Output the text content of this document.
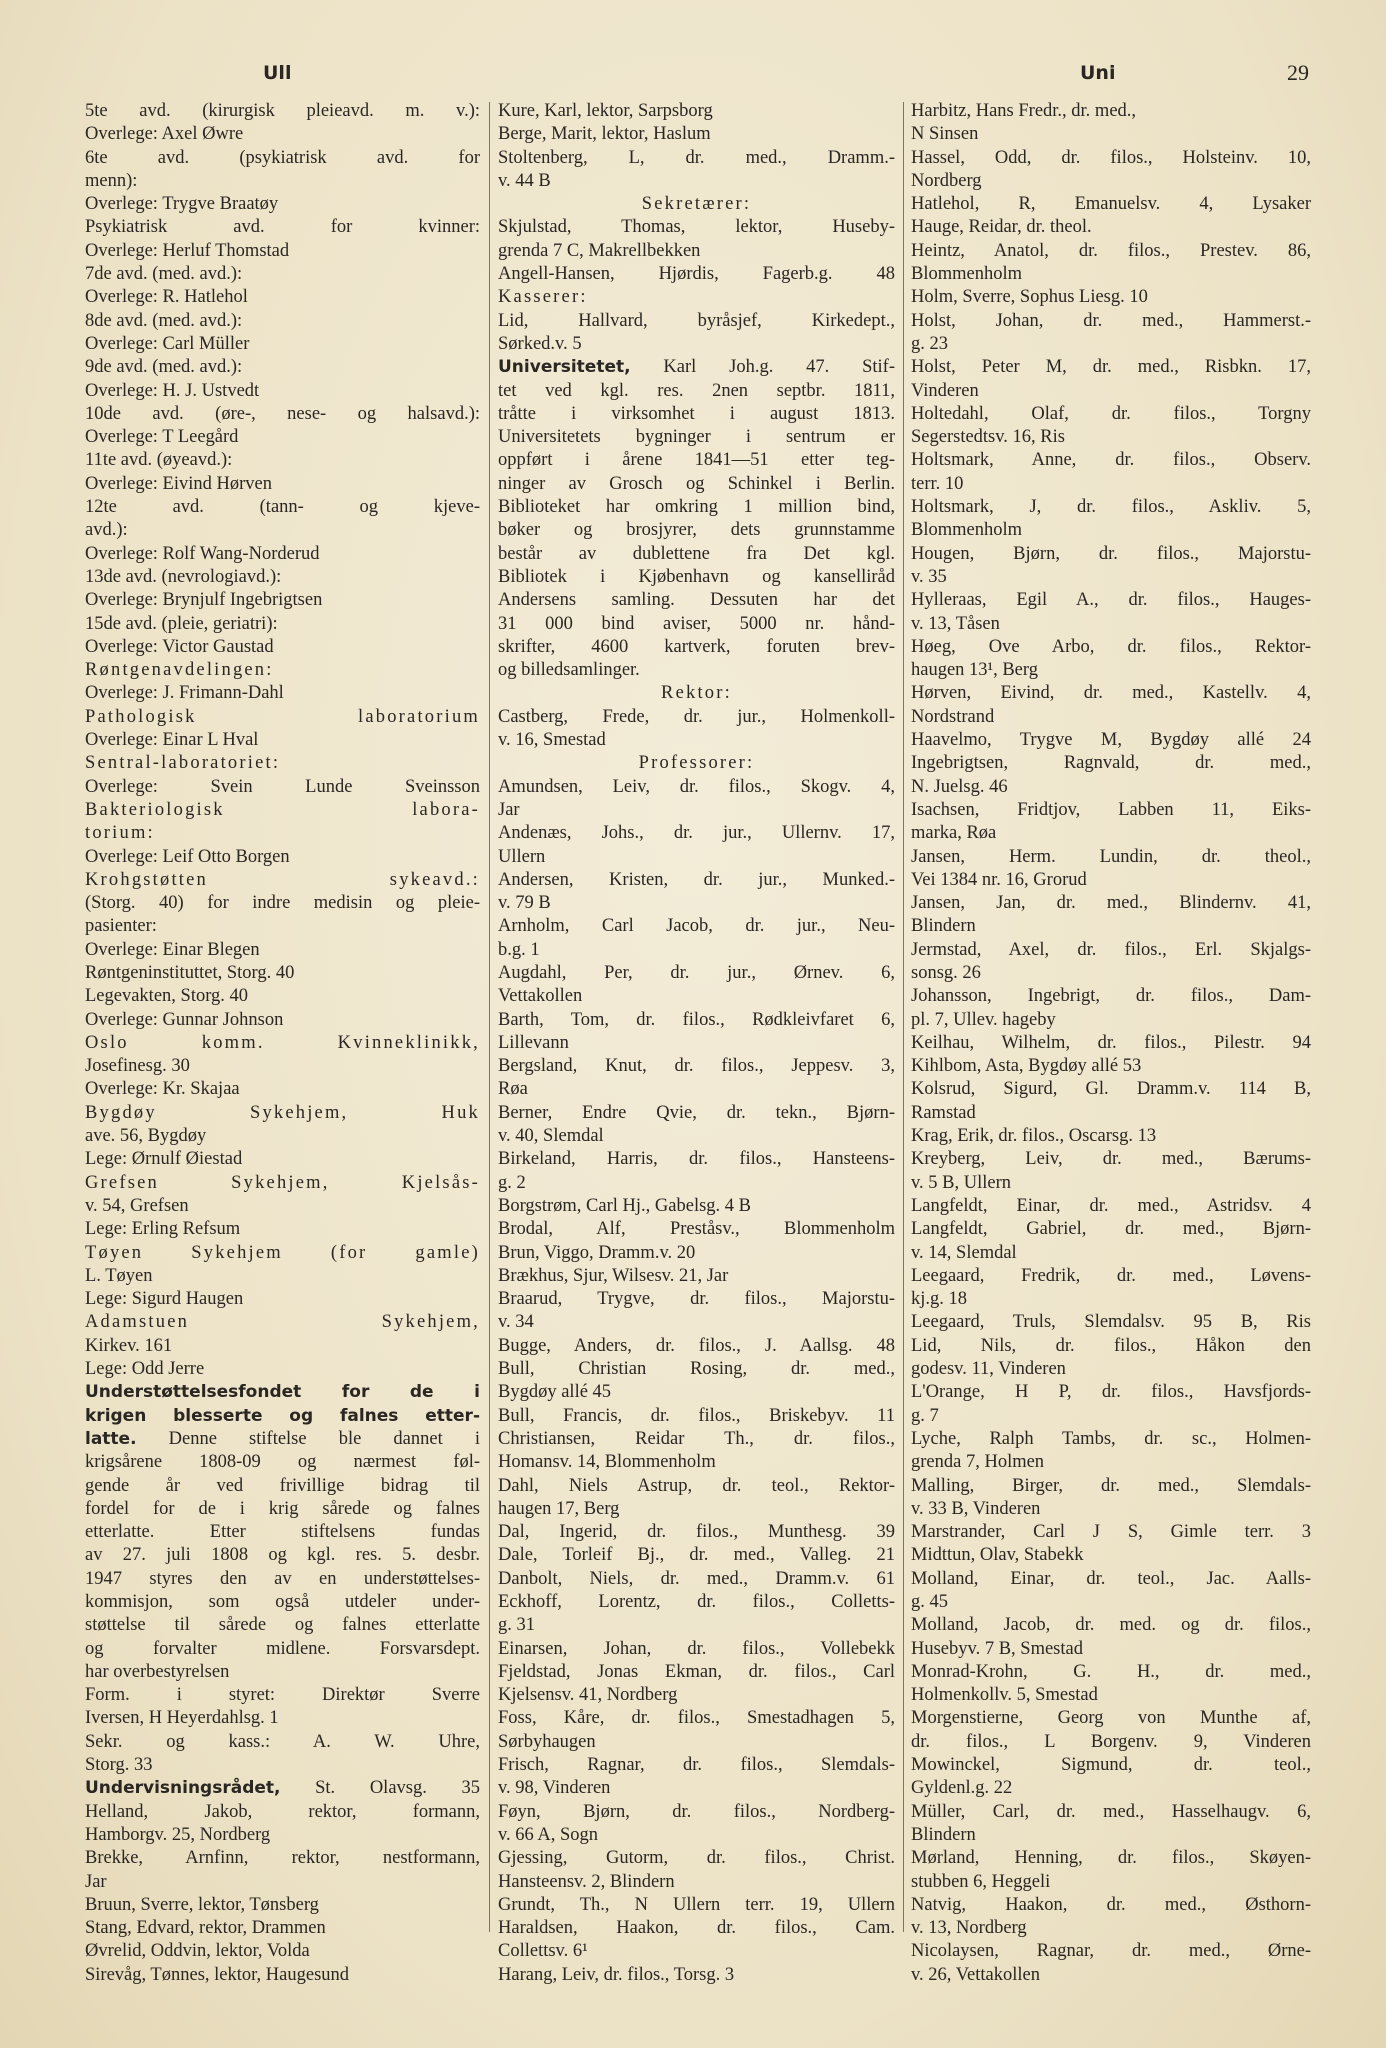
Ull	Uni	29
5te avd. (kirurgisk pleieavd. m. v.):
Overlege: Axel Øwre
6te avd. (psykiatrisk avd. for
menn):
Overlege: Trygve Braatøy
Psykiatrisk avd. for kvinner:
Overlege: Herluf Thomstad
7de avd. (med. avd.):
Overlege: R. Hatlehol
8de avd. (med. avd.):
Overlege: Carl Müller
9de avd. (med. avd.):
Overlege: H. J. Ustvedt
10de avd. (øre-, nese- og halsavd.):
Overlege: T Leegård
11te avd. (øyeavd.):
Overlege: Eivind Hørven
12te avd. (tann- og kjeve-
avd.):
Overlege: Rolf Wang-Norderud
13de avd. (nevrologiavd.):
Overlege: Brynjulf Ingebrigtsen
15de avd. (pleie, geriatri):
Overlege: Victor Gaustad
Røntgenavdelingen:
Overlege: J. Frimann-Dahl
Pathologisk laboratorium
Overlege: Einar L Hval
Sentral-laboratoriet:
Overlege: Svein Lunde Sveinsson
Bakteriologisk labora-
torium:
Overlege: Leif Otto Borgen
Krohgstøtten sykeavd.:
(Storg. 40) for indre medisin og pleie-
pasienter:
Overlege: Einar Blegen
Røntgeninstituttet, Storg. 40
Legevakten, Storg. 40
Overlege: Gunnar Johnson
Oslo komm. Kvinneklinikk,
Josefinesg. 30
Overlege: Kr. Skajaa
Bygdøy Sykehjem, Huk
ave. 56, Bygdøy
Lege: Ørnulf Øiestad
Grefsen Sykehjem, Kjelsås-
v. 54, Grefsen
Lege: Erling Refsum
Tøyen Sykehjem (for gamle)
L. Tøyen
Lege: Sigurd Haugen
Adamstuen Sykehjem,
Kirkev. 161
Lege: Odd Jerre
Understøttelsesfondet for de i
krigen blesserte og falnes etter-
latte. Denne stiftelse ble dannet i
krigsårene 1808-09 og nærmest føl-
gende år ved frivillige bidrag til
fordel for de i krig sårede og falnes
etterlatte. Etter stiftelsens fundas
av 27. juli 1808 og kgl. res. 5. desbr.
1947 styres den av en understøttelses-
kommisjon, som også utdeler under-
støttelse til sårede og falnes etterlatte
og forvalter midlene. Forsvarsdept.
har overbestyrelsen
Form. i styret: Direktør Sverre
Iversen, H Heyerdahlsg. 1
Sekr. og kass.: A. W. Uhre,
Storg. 33
Undervisningsrådet, St. Olavsg. 35
Helland, Jakob, rektor, formann,
Hamborgv. 25, Nordberg
Brekke, Arnfinn, rektor, nestformann,
Jar
Bruun, Sverre, lektor, Tønsberg
Stang, Edvard, rektor, Drammen
Øvrelid, Oddvin, lektor, Volda
Sirevåg, Tønnes, lektor, Haugesund
Kure, Karl, lektor, Sarpsborg
Berge, Marit, lektor, Haslum
Stoltenberg, L, dr. med., Dramm.-
v. 44 B
Sekretærer:
Skjulstad, Thomas, lektor, Huseby-
grenda 7 C, Makrellbekken
Angell-Hansen, Hjørdis, Fagerb.g. 48
Kasserer:
Lid, Hallvard, byråsjef, Kirkedept.,
Sørked.v. 5
Universitetet, Karl Joh.g. 47. Stif-
tet ved kgl. res. 2nen septbr. 1811,
tråtte i virksomhet i august 1813.
Universitetets bygninger i sentrum er
oppført i årene 1841—51 etter teg-
ninger av Grosch og Schinkel i Berlin.
Biblioteket har omkring 1 million bind,
bøker og brosjyrer, dets grunnstamme
består av dublettene fra Det kgl.
Bibliotek i Kjøbenhavn og kanselliråd
Andersens samling. Dessuten har det
31 000 bind aviser, 5000 nr. hånd-
skrifter, 4600 kartverk, foruten brev-
og billedsamlinger.
Rektor:
Castberg, Frede, dr. jur., Holmenkoll-
v. 16, Smestad
Professorer:
Amundsen, Leiv, dr. filos., Skogv. 4,
Jar
Andenæs, Johs., dr. jur., Ullernv. 17,
Ullern
Andersen, Kristen, dr. jur., Munked.-
v. 79 B
Arnholm, Carl Jacob, dr. jur., Neu-
b.g. 1
Augdahl, Per, dr. jur., Ørnev. 6,
Vettakollen
Barth, Tom, dr. filos., Rødkleivfaret 6,
Lillevann
Bergsland, Knut, dr. filos., Jeppesv. 3,
Røa
Berner, Endre Qvie, dr. tekn., Bjørn-
v. 40, Slemdal
Birkeland, Harris, dr. filos., Hansteens-
g. 2
Borgstrøm, Carl Hj., Gabelsg. 4 B
Brodal, Alf, Preståsv., Blommenholm
Brun, Viggo, Dramm.v. 20
Brækhus, Sjur, Wilsesv. 21, Jar
Braarud, Trygve, dr. filos., Majorstu-
v. 34
Bugge, Anders, dr. filos., J. Aallsg. 48
Bull, Christian Rosing, dr. med.,
Bygdøy allé 45
Bull, Francis, dr. filos., Briskebyv. 11
Christiansen, Reidar Th., dr. filos.,
Homansv. 14, Blommenholm
Dahl, Niels Astrup, dr. teol., Rektor-
haugen 17, Berg
Dal, Ingerid, dr. filos., Munthesg. 39
Dale, Torleif Bj., dr. med., Valleg. 21
Danbolt, Niels, dr. med., Dramm.v. 61
Eckhoff, Lorentz, dr. filos., Colletts-
g. 31
Einarsen, Johan, dr. filos., Vollebekk
Fjeldstad, Jonas Ekman, dr. filos., Carl
Kjelsensv. 41, Nordberg
Foss, Kåre, dr. filos., Smestadhagen 5,
Sørbyhaugen
Frisch, Ragnar, dr. filos., Slemdals-
v. 98, Vinderen
Føyn, Bjørn, dr. filos., Nordberg-
v. 66 A, Sogn
Gjessing, Gutorm, dr. filos., Christ.
Hansteensv. 2, Blindern
Grundt, Th., N Ullern terr. 19, Ullern
Haraldsen, Haakon, dr. filos., Cam.
Collettsv. 6¹
Harang, Leiv, dr. filos., Torsg. 3
Harbitz, Hans Fredr., dr. med.,
N Sinsen
Hassel, Odd, dr. filos., Holsteinv. 10,
Nordberg
Hatlehol, R, Emanuelsv. 4, Lysaker
Hauge, Reidar, dr. theol.
Heintz, Anatol, dr. filos., Prestev. 86,
Blommenholm
Holm, Sverre, Sophus Liesg. 10
Holst, Johan, dr. med., Hammerst.-
g. 23
Holst, Peter M, dr. med., Risbkn. 17,
Vinderen
Holtedahl, Olaf, dr. filos., Torgny
Segerstedtsv. 16, Ris
Holtsmark, Anne, dr. filos., Observ.
terr. 10
Holtsmark, J, dr. filos., Askliv. 5,
Blommenholm
Hougen, Bjørn, dr. filos., Majorstu-
v. 35
Hylleraas, Egil A., dr. filos., Hauges-
v. 13, Tåsen
Høeg, Ove Arbo, dr. filos., Rektor-
haugen 13¹, Berg
Hørven, Eivind, dr. med., Kastellv. 4,
Nordstrand
Haavelmo, Trygve M, Bygdøy allé 24
Ingebrigtsen, Ragnvald, dr. med.,
N. Juelsg. 46
Isachsen, Fridtjov, Labben 11, Eiks-
marka, Røa
Jansen, Herm. Lundin, dr. theol.,
Vei 1384 nr. 16, Grorud
Jansen, Jan, dr. med., Blindernv. 41,
Blindern
Jermstad, Axel, dr. filos., Erl. Skjalgs-
sonsg. 26
Johansson, Ingebrigt, dr. filos., Dam-
pl. 7, Ullev. hageby
Keilhau, Wilhelm, dr. filos., Pilestr. 94
Kihlbom, Asta, Bygdøy allé 53
Kolsrud, Sigurd, Gl. Dramm.v. 114 B,
Ramstad
Krag, Erik, dr. filos., Oscarsg. 13
Kreyberg, Leiv, dr. med., Bærums-
v. 5 B, Ullern
Langfeldt, Einar, dr. med., Astridsv. 4
Langfeldt, Gabriel, dr. med., Bjørn-
v. 14, Slemdal
Leegaard, Fredrik, dr. med., Løvens-
kj.g. 18
Leegaard, Truls, Slemdalsv. 95 B, Ris
Lid, Nils, dr. filos., Håkon den
godesv. 11, Vinderen
L'Orange, H P, dr. filos., Havsfjords-
g. 7
Lyche, Ralph Tambs, dr. sc., Holmen-
grenda 7, Holmen
Malling, Birger, dr. med., Slemdals-
v. 33 B, Vinderen
Marstrander, Carl J S, Gimle terr. 3
Midttun, Olav, Stabekk
Molland, Einar, dr. teol., Jac. Aalls-
g. 45
Molland, Jacob, dr. med. og dr. filos.,
Husebyv. 7 B, Smestad
Monrad-Krohn, G. H., dr. med.,
Holmenkollv. 5, Smestad
Morgenstierne, Georg von Munthe af,
dr. filos., L Borgenv. 9, Vinderen
Mowinckel, Sigmund, dr. teol.,
Gyldenl.g. 22
Müller, Carl, dr. med., Hasselhaugv. 6,
Blindern
Mørland, Henning, dr. filos., Skøyen-
stubben 6, Heggeli
Natvig, Haakon, dr. med., Østhorn-
v. 13, Nordberg
Nicolaysen, Ragnar, dr. med., Ørne-
v. 26, Vettakollen
